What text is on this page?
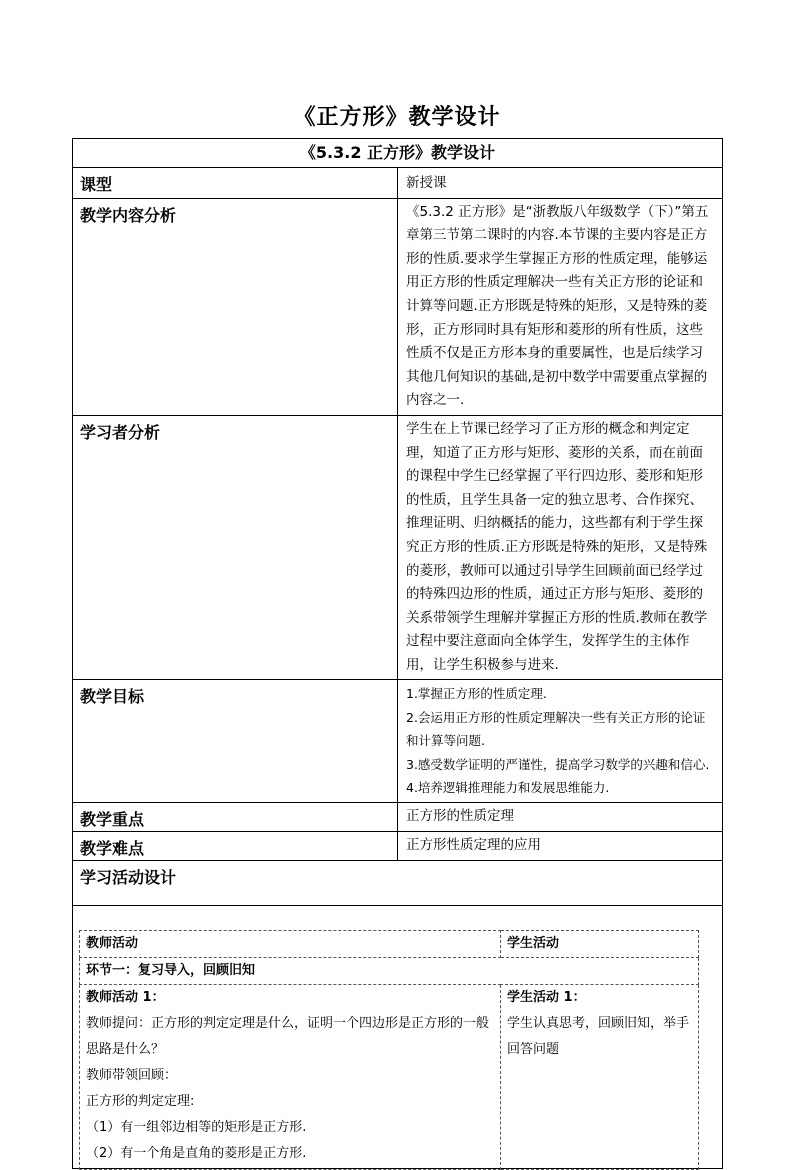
《正方形》教学设计
《5.3.2 正方形》教学设计
课型	新授课
教学内容分析	《5.3.2 正方形》是“浙教版八年级数学（下）”第五章第三节第二课时的内容.本节课的主要内容是正方形的性质.要求学生掌握正方形的性质定理，能够运用正方形的性质定理解决一些有关正方形的论证和计算等问题.正方形既是特殊的矩形，又是特殊的菱形，正方形同时具有矩形和菱形的所有性质，这些性质不仅是正方形本身的重要属性，也是后续学习其他几何知识的基础,是初中数学中需要重点掌握的内容之一.
学习者分析	学生在上节课已经学习了正方形的概念和判定定理，知道了正方形与矩形、菱形的关系，而在前面的课程中学生已经掌握了平行四边形、菱形和矩形的性质，且学生具备一定的独立思考、合作探究、推理证明、归纳概括的能力，这些都有利于学生探究正方形的性质.正方形既是特殊的矩形，又是特殊的菱形，教师可以通过引导学生回顾前面已经学过的特殊四边形的性质，通过正方形与矩形、菱形的关系带领学生理解并掌握正方形的性质.教师在教学过程中要注意面向全体学生，发挥学生的主体作用，让学生积极参与进来.
教学目标	1.掌握正方形的性质定理.
2.会运用正方形的性质定理解决一些有关正方形的论证和计算等问题.
3.感受数学证明的严谨性，提高学习数学的兴趣和信心.
4.培养逻辑推理能力和发展思维能力.

教学重点	正方形的性质定理
教学难点	正方形性质定理的应用
学习活动设计

教师活动	学生活动
环节一：复习导入，回顾旧知

教师活动 1：
教师提问：正方形的判定定理是什么，证明一个四边形是正方形的一般思路是什么？
教师带领回顾：
正方形的判定定理:
（1）有一组邻边相等的矩形是正方形.
（2）有一个角是直角的菱形是正方形.

学生活动 1：
学生认真思考，回顾旧知，举手回答问题
